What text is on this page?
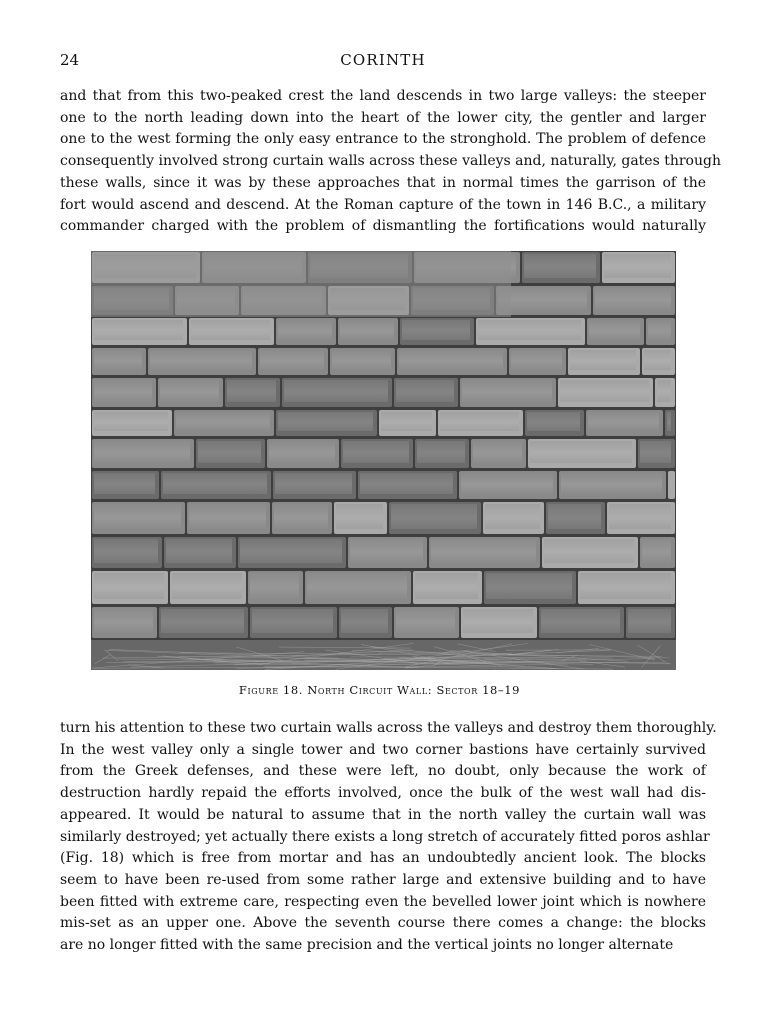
24	CORINTH
and that from this two-peaked crest the land descends in two large valleys: the steeper
one to the north leading down into the heart of the lower city, the gentler and larger
one to the west forming the only easy entrance to the stronghold. The problem of defence
consequently involved strong curtain walls across these valleys and, naturally, gates through
these walls, since it was by these approaches that in normal times the garrison of the
fort would ascend and descend. At the Roman capture of the town in 146 B.C., a military
commander charged with the problem of dismantling the fortifications would naturally
Figure 18. North Circuit Wall: Sector 18–19
turn his attention to these two curtain walls across the valleys and destroy them thoroughly.
In the west valley only a single tower and two corner bastions have certainly survived
from the Greek defenses, and these were left, no doubt, only because the work of
destruction hardly repaid the efforts involved, once the bulk of the west wall had dis-
appeared. It would be natural to assume that in the north valley the curtain wall was
similarly destroyed; yet actually there exists a long stretch of accurately fitted poros ashlar
(Fig. 18) which is free from mortar and has an undoubtedly ancient look. The blocks
seem to have been re-used from some rather large and extensive building and to have
been fitted with extreme care, respecting even the bevelled lower joint which is nowhere
mis-set as an upper one. Above the seventh course there comes a change: the blocks
are no longer fitted with the same precision and the vertical joints no longer alternate
